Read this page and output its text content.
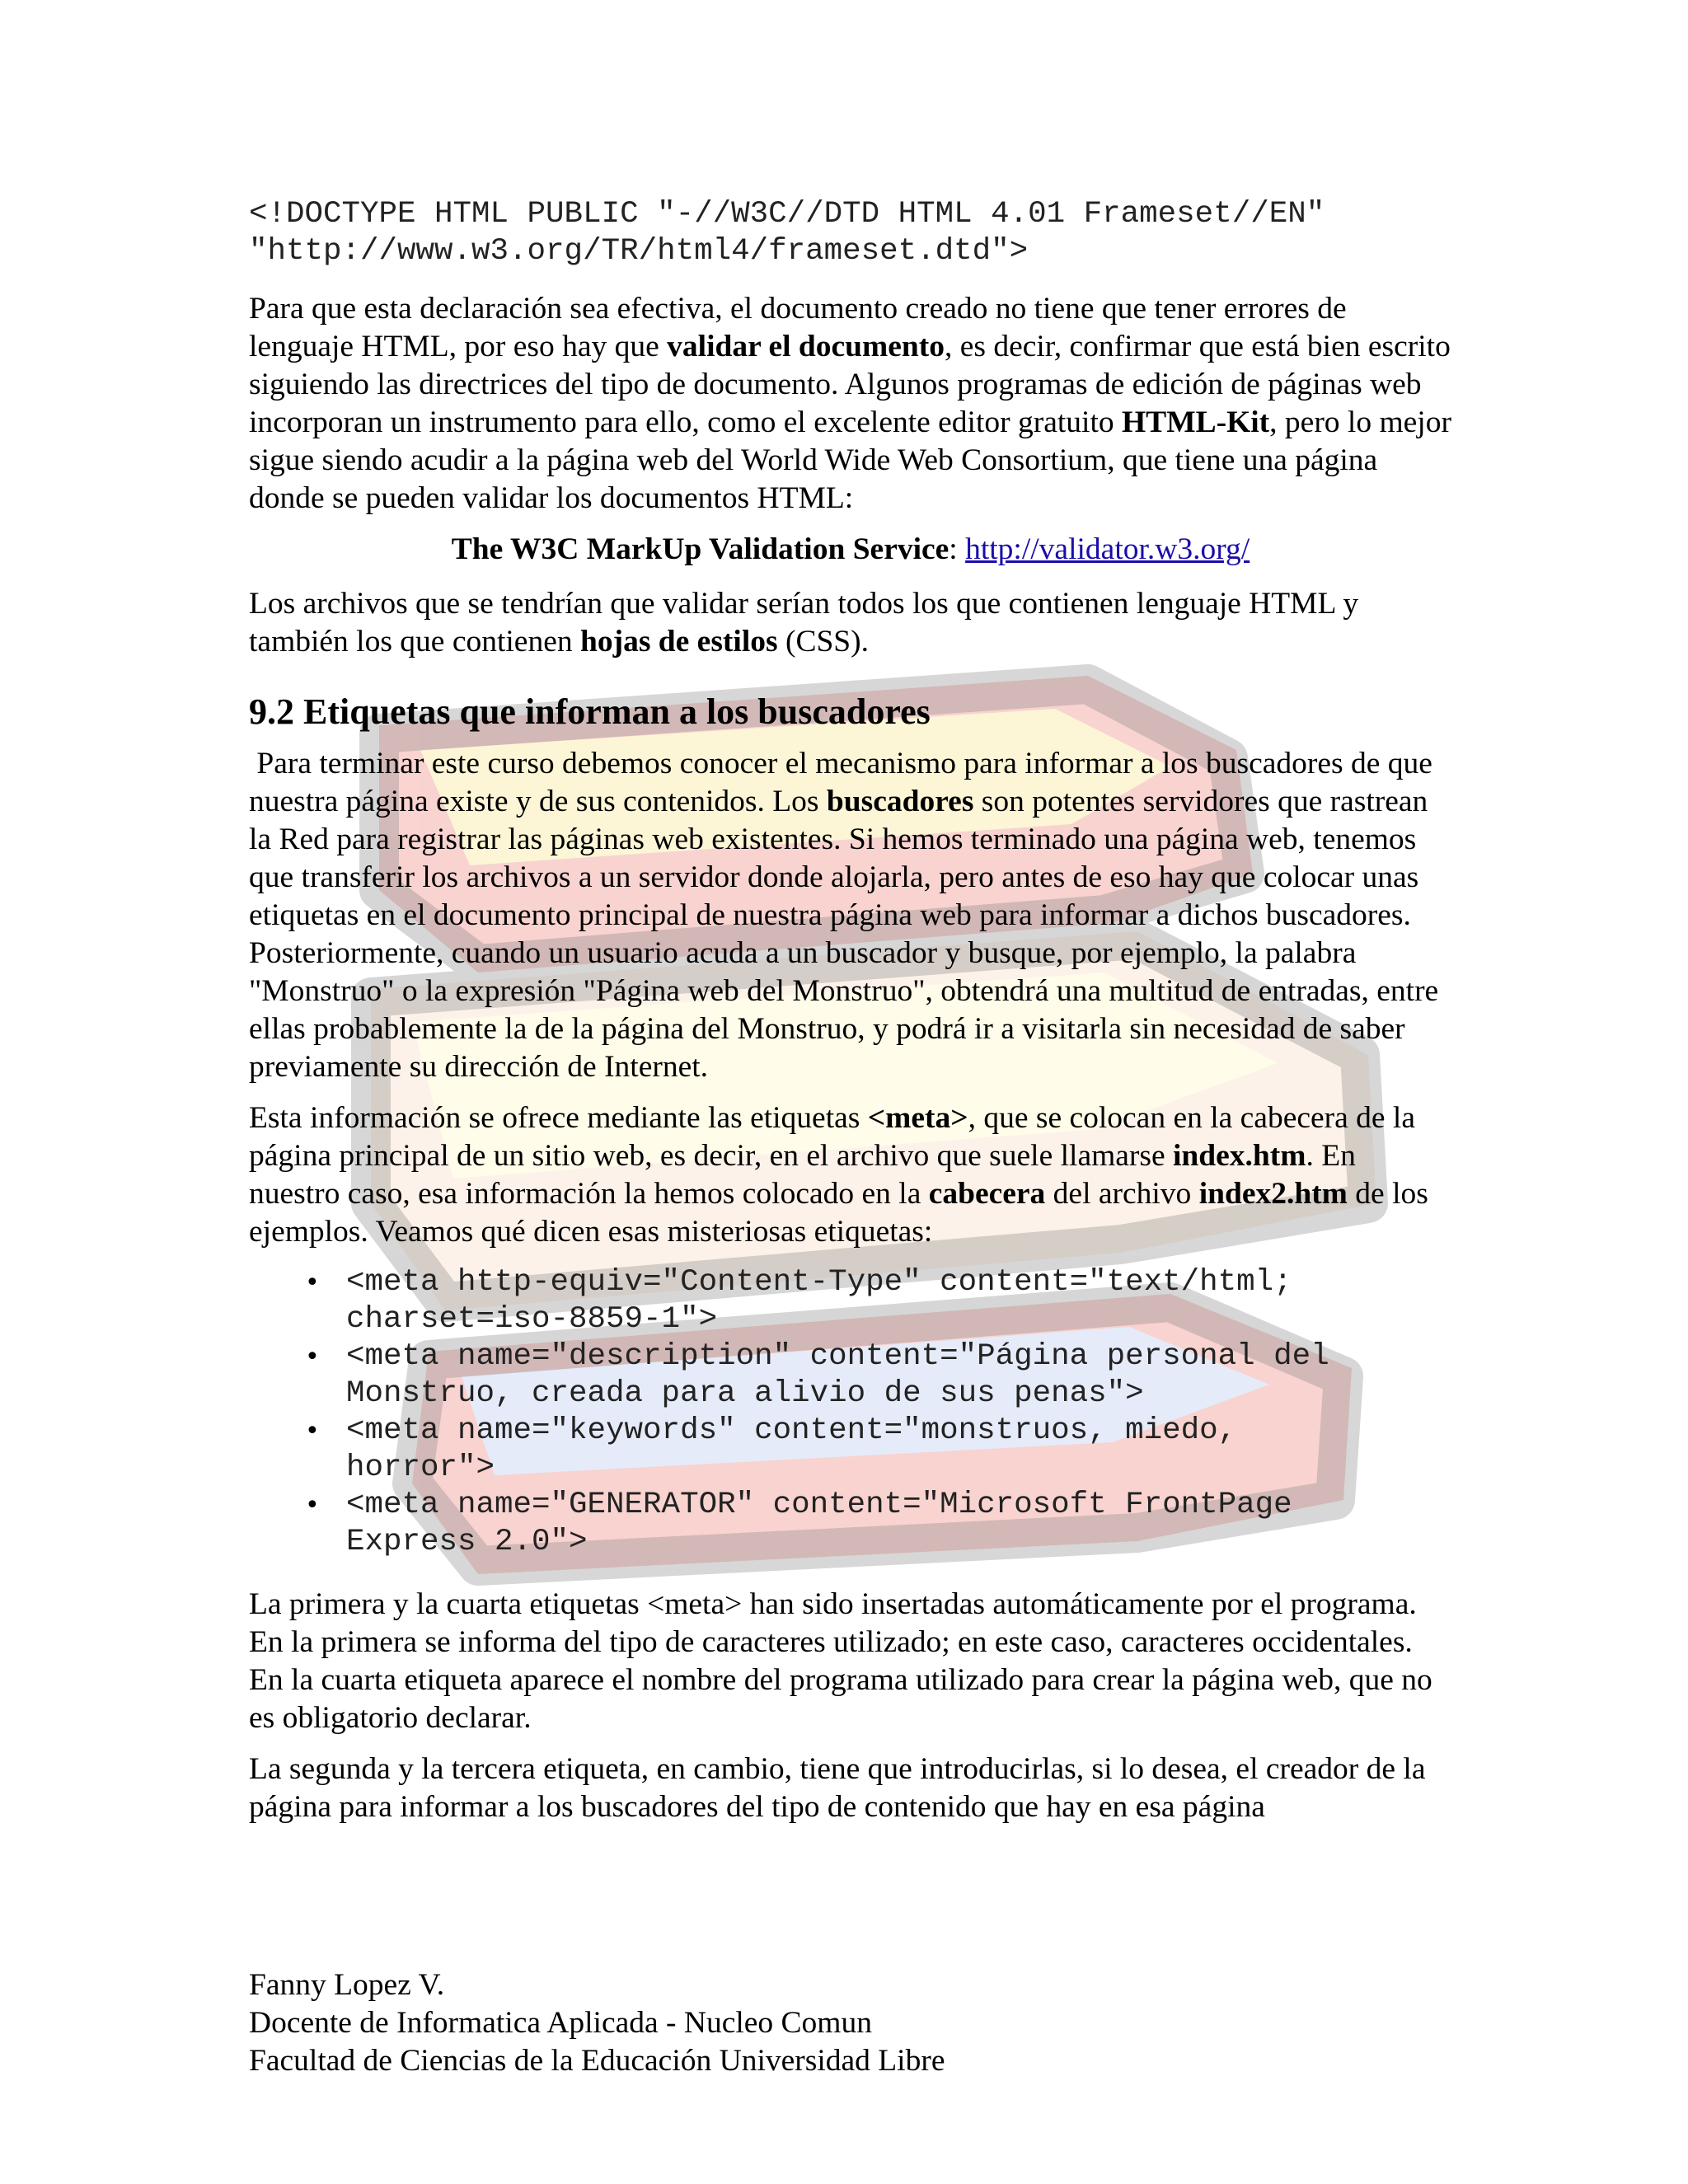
<!DOCTYPE HTML PUBLIC "-//W3C//DTD HTML 4.01 Frameset//EN"
"http://www.w3.org/TR/html4/frameset.dtd">

Para que esta declaración sea efectiva, el documento creado no tiene que tener errores de lenguaje HTML, por eso hay que validar el documento, es decir, confirmar que está bien escrito siguiendo las directrices del tipo de documento. Algunos programas de edición de páginas web incorporan un instrumento para ello, como el excelente editor gratuito HTML-Kit, pero lo mejor sigue siendo acudir a la página web del World Wide Web Consortium, que tiene una página donde se pueden validar los documentos HTML:

The W3C MarkUp Validation Service: http://validator.w3.org/

Los archivos que se tendrían que validar serían todos los que contienen lenguaje HTML y también los que contienen hojas de estilos (CSS).

9.2 Etiquetas que informan a los buscadores

Para terminar este curso debemos conocer el mecanismo para informar a los buscadores de que nuestra página existe y de sus contenidos. Los buscadores son potentes servidores que rastrean la Red para registrar las páginas web existentes. Si hemos terminado una página web, tenemos que transferir los archivos a un servidor donde alojarla, pero antes de eso hay que colocar unas etiquetas en el documento principal de nuestra página web para informar a dichos buscadores. Posteriormente, cuando un usuario acuda a un buscador y busque, por ejemplo, la palabra "Monstruo" o la expresión "Página web del Monstruo", obtendrá una multitud de entradas, entre ellas probablemente la de la página del Monstruo, y podrá ir a visitarla sin necesidad de saber previamente su dirección de Internet.

Esta información se ofrece mediante las etiquetas <meta>, que se colocan en la cabecera de la página principal de un sitio web, es decir, en el archivo que suele llamarse index.htm. En nuestro caso, esa información la hemos colocado en la cabecera del archivo index2.htm de los ejemplos. Veamos qué dicen esas misteriosas etiquetas:

• <meta http-equiv="Content-Type" content="text/html;
charset=iso-8859-1">
• <meta name="description" content="Página personal del
Monstruo, creada para alivio de sus penas">
• <meta name="keywords" content="monstruos, miedo,
horror">
• <meta name="GENERATOR" content="Microsoft FrontPage
Express 2.0">

La primera y la cuarta etiquetas <meta> han sido insertadas automáticamente por el programa. En la primera se informa del tipo de caracteres utilizado; en este caso, caracteres occidentales. En la cuarta etiqueta aparece el nombre del programa utilizado para crear la página web, que no es obligatorio declarar.

La segunda y la tercera etiqueta, en cambio, tiene que introducirlas, si lo desea, el creador de la página para informar a los buscadores del tipo de contenido que hay en esa página

Fanny Lopez V.
Docente de Informatica Aplicada - Nucleo Comun
Facultad de Ciencias de la Educación Universidad Libre
